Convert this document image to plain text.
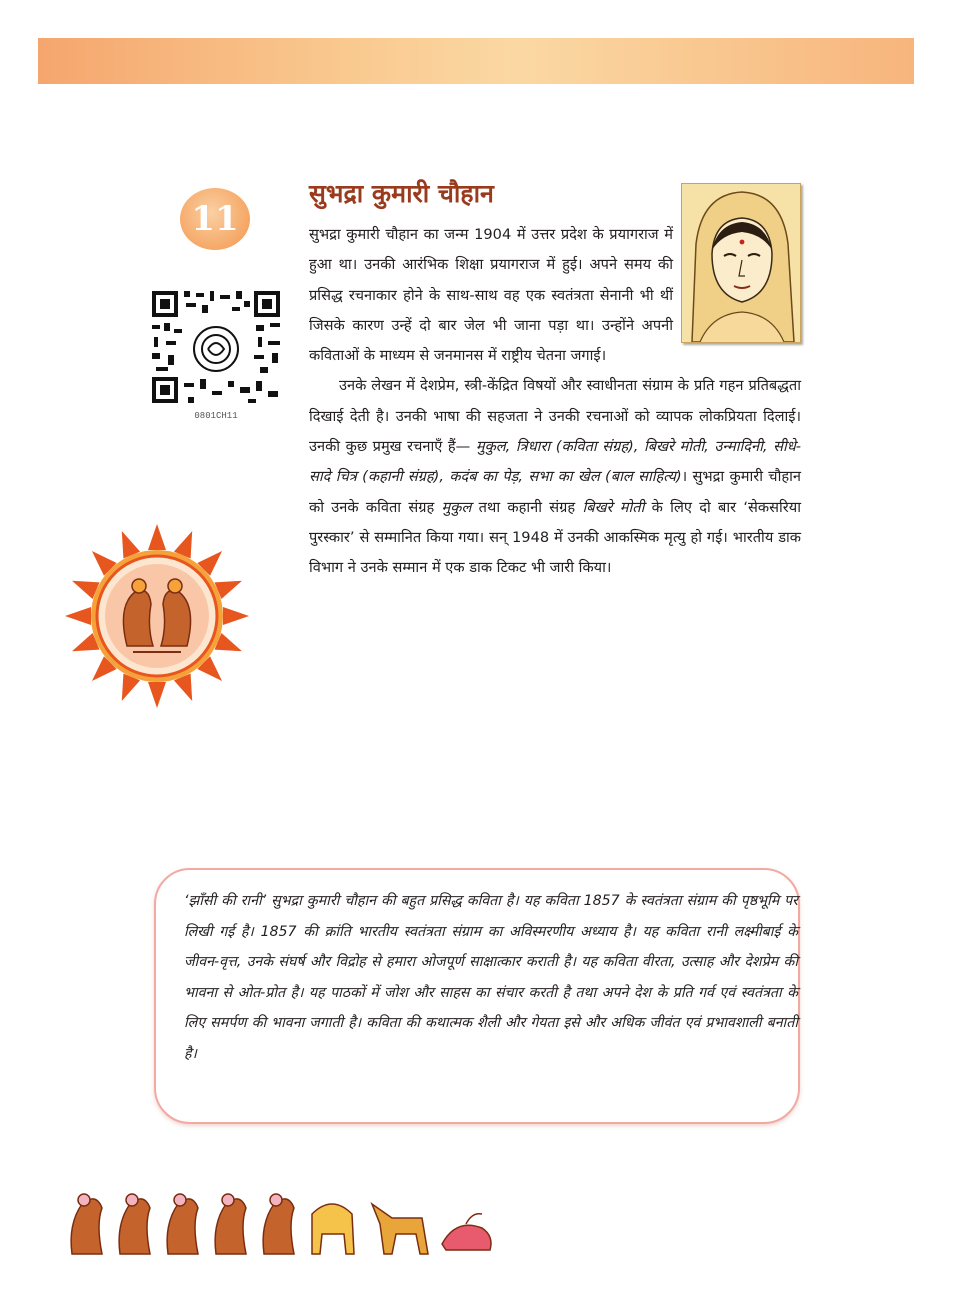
11
0801CH11
सुभद्रा कुमारी चौहान

सुभद्रा कुमारी चौहान का जन्म 1904 में उत्तर प्रदेश के प्रयागराज में हुआ था। उनकी आरंभिक शिक्षा प्रयागराज में हुई। अपने समय की प्रसिद्ध रचनाकार होने के साथ-साथ वह एक स्वतंत्रता सेनानी भी थीं जिसके कारण उन्हें दो बार जेल भी जाना पड़ा था। उन्होंने अपनी कविताओं के माध्यम से जनमानस में राष्ट्रीय चेतना जगाई।

उनके लेखन में देशप्रेम, स्त्री-केंद्रित विषयों और स्वाधीनता संग्राम के प्रति गहन प्रतिबद्धता दिखाई देती है। उनकी भाषा की सहजता ने उनकी रचनाओं को व्यापक लोकप्रियता दिलाई। उनकी कुछ प्रमुख रचनाएँ हैं— मुकुल, त्रिधारा (कविता संग्रह), बिखरे मोती, उन्मादिनी, सीधे-सादे चित्र (कहानी संग्रह), कदंब का पेड़, सभा का खेल (बाल साहित्य)। सुभद्रा कुमारी चौहान को उनके कविता संग्रह मुकुल तथा कहानी संग्रह बिखरे मोती के लिए दो बार ‘सेकसरिया पुरस्कार’ से सम्मानित किया गया। सन् 1948 में उनकी आकस्मिक मृत्यु हो गई। भारतीय डाक विभाग ने उनके सम्मान में एक डाक टिकट भी जारी किया।

‘झाँसी की रानी’ सुभद्रा कुमारी चौहान की बहुत प्रसिद्ध कविता है। यह कविता 1857 के स्वतंत्रता संग्राम की पृष्ठभूमि पर लिखी गई है। 1857 की क्रांति भारतीय स्वतंत्रता संग्राम का अविस्मरणीय अध्याय है। यह कविता रानी लक्ष्मीबाई के जीवन-वृत्त, उनके संघर्ष और विद्रोह से हमारा ओजपूर्ण साक्षात्कार कराती है। यह कविता वीरता, उत्साह और देशप्रेम की भावना से ओत-प्रोत है। यह पाठकों में जोश और साहस का संचार करती है तथा अपने देश के प्रति गर्व एवं स्वतंत्रता के लिए समर्पण की भावना जगाती है। कविता की कथात्मक शैली और गेयता इसे और अधिक जीवंत एवं प्रभावशाली बनाती है।
